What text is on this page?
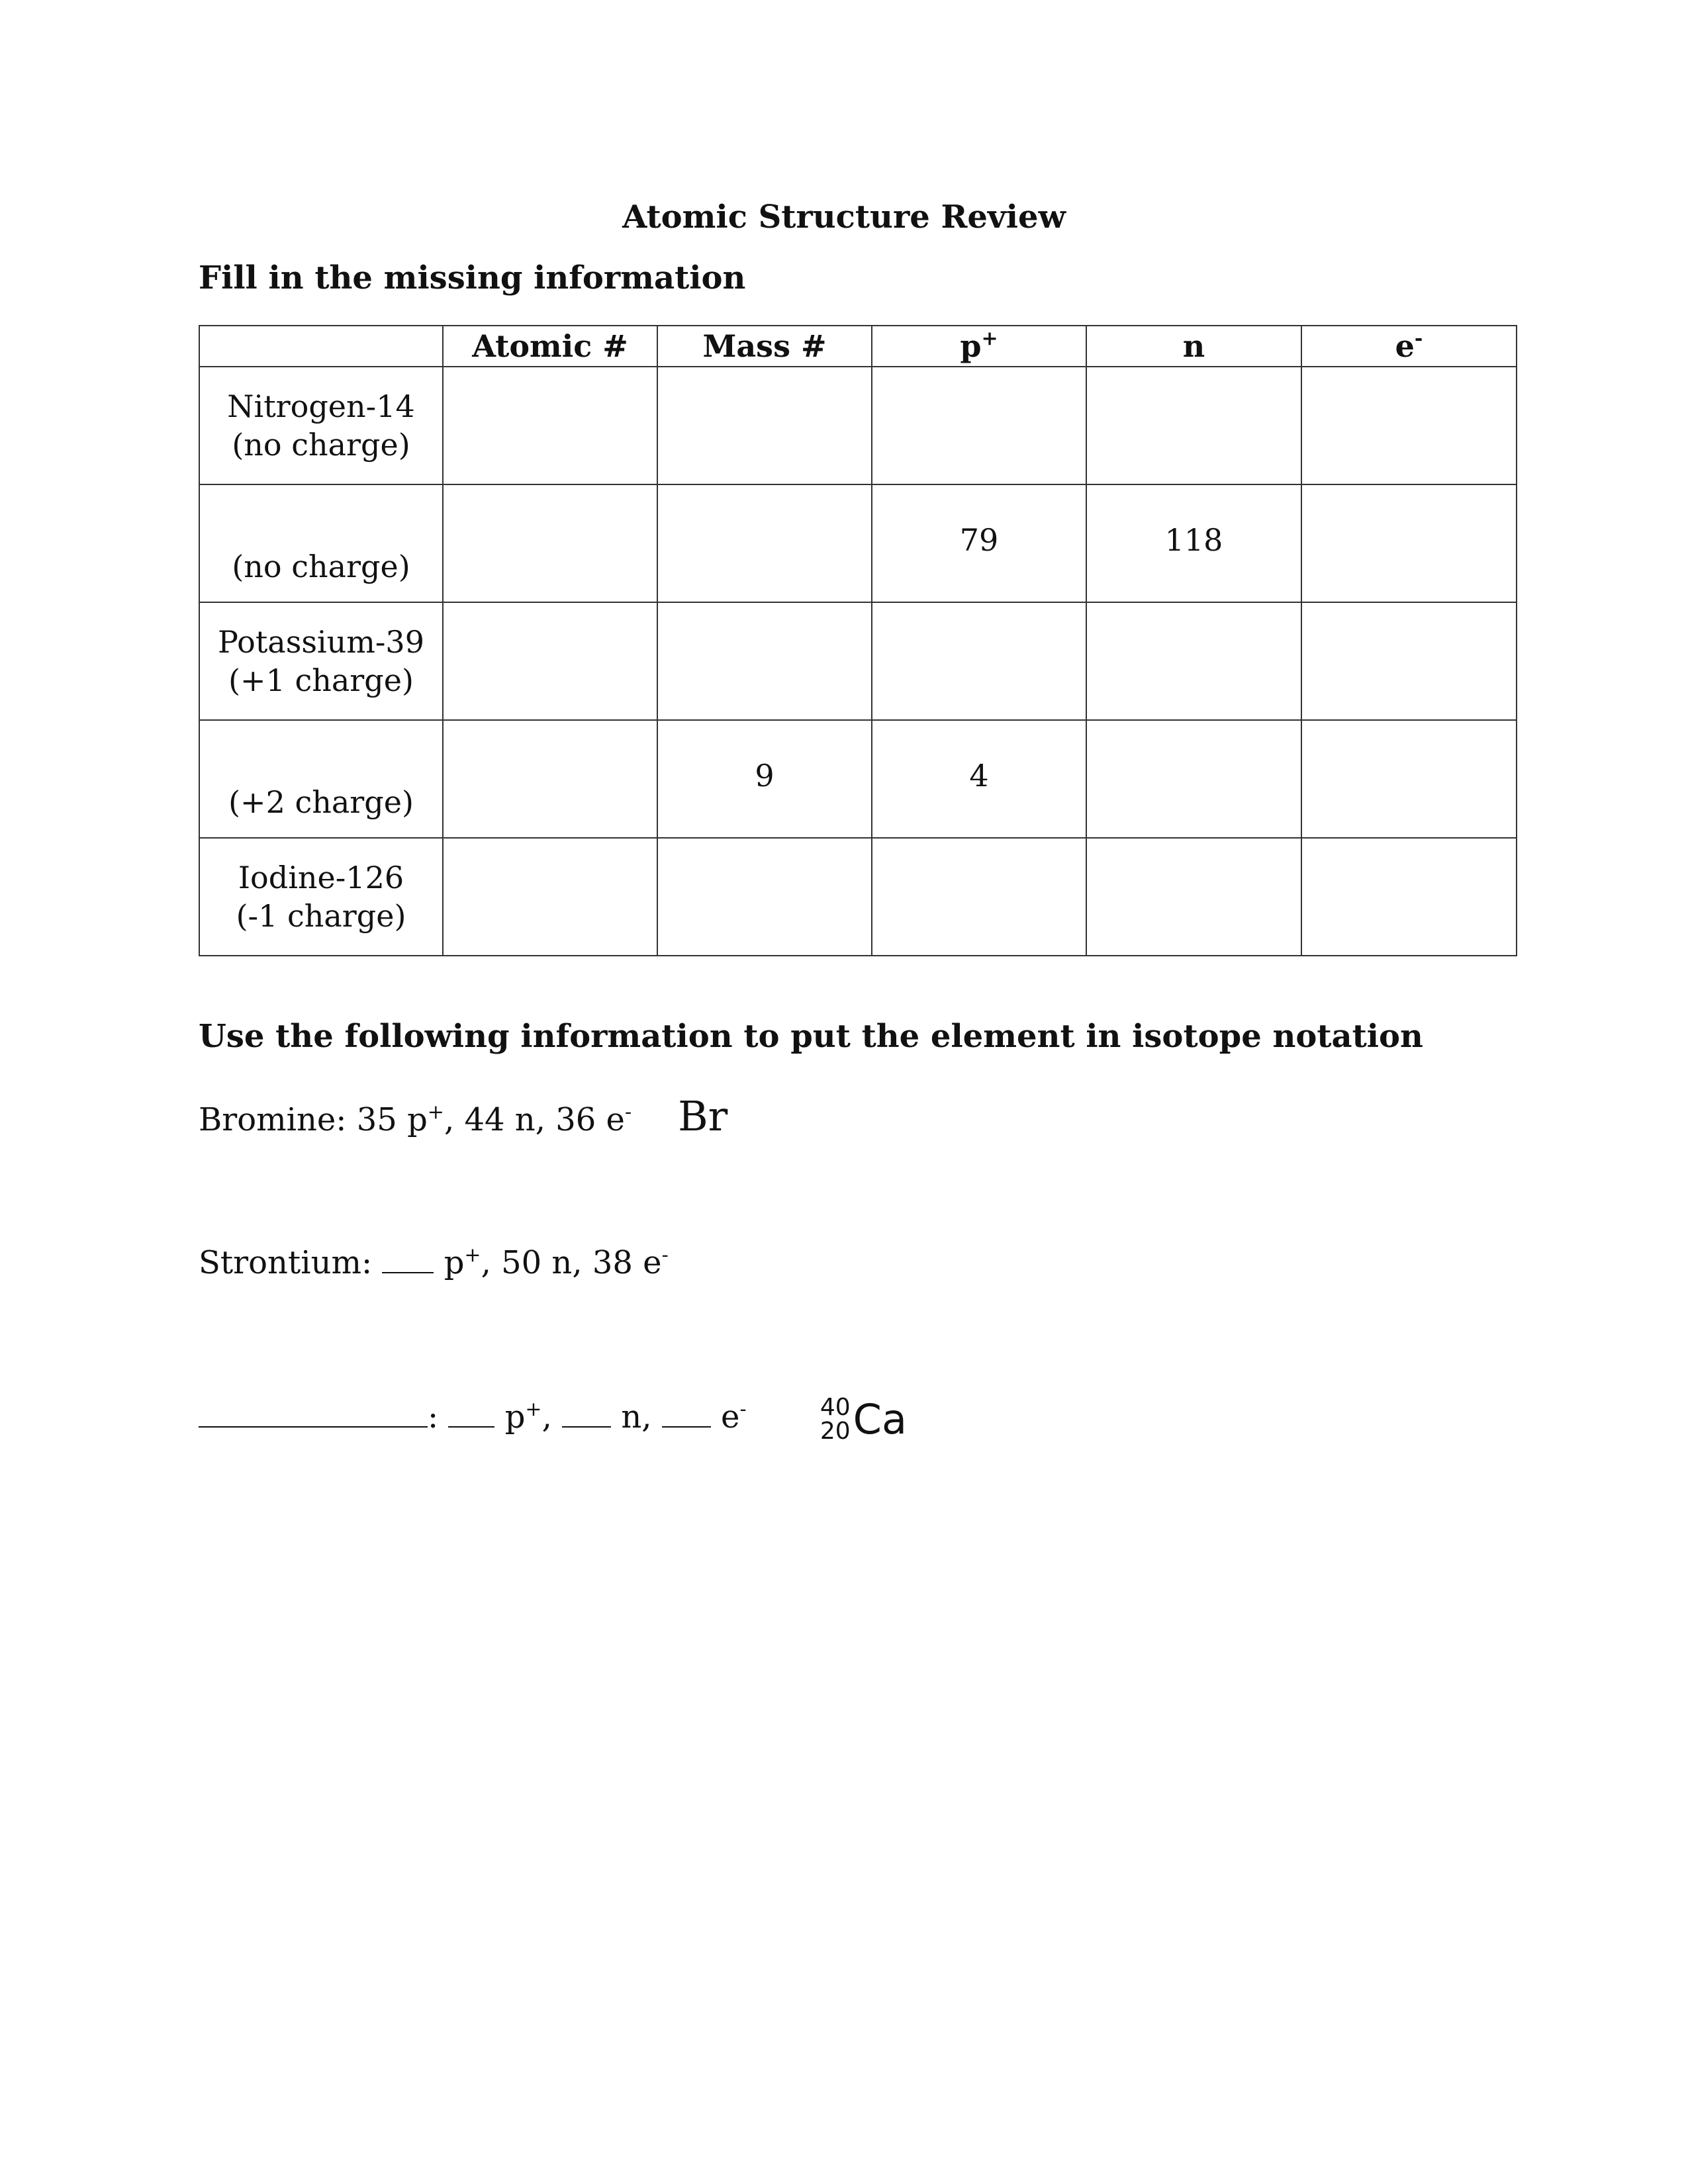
Atomic Structure Review
Fill in the missing information
	Atomic #	Mass #	p+	n	e-

Nitrogen-14
(no charge)					

(no charge)			79	118	

Potassium-39
(+1 charge)					

(+2 charge)		9	4		

Iodine-126
(-1 charge)					

Use the following information to put the element in isotope notation
Bromine: 35 p+, 44 n, 36 e- Br
Strontium:  p+, 50 n, 38 e-
:  p+,  n,  e-	40
20 Ca
